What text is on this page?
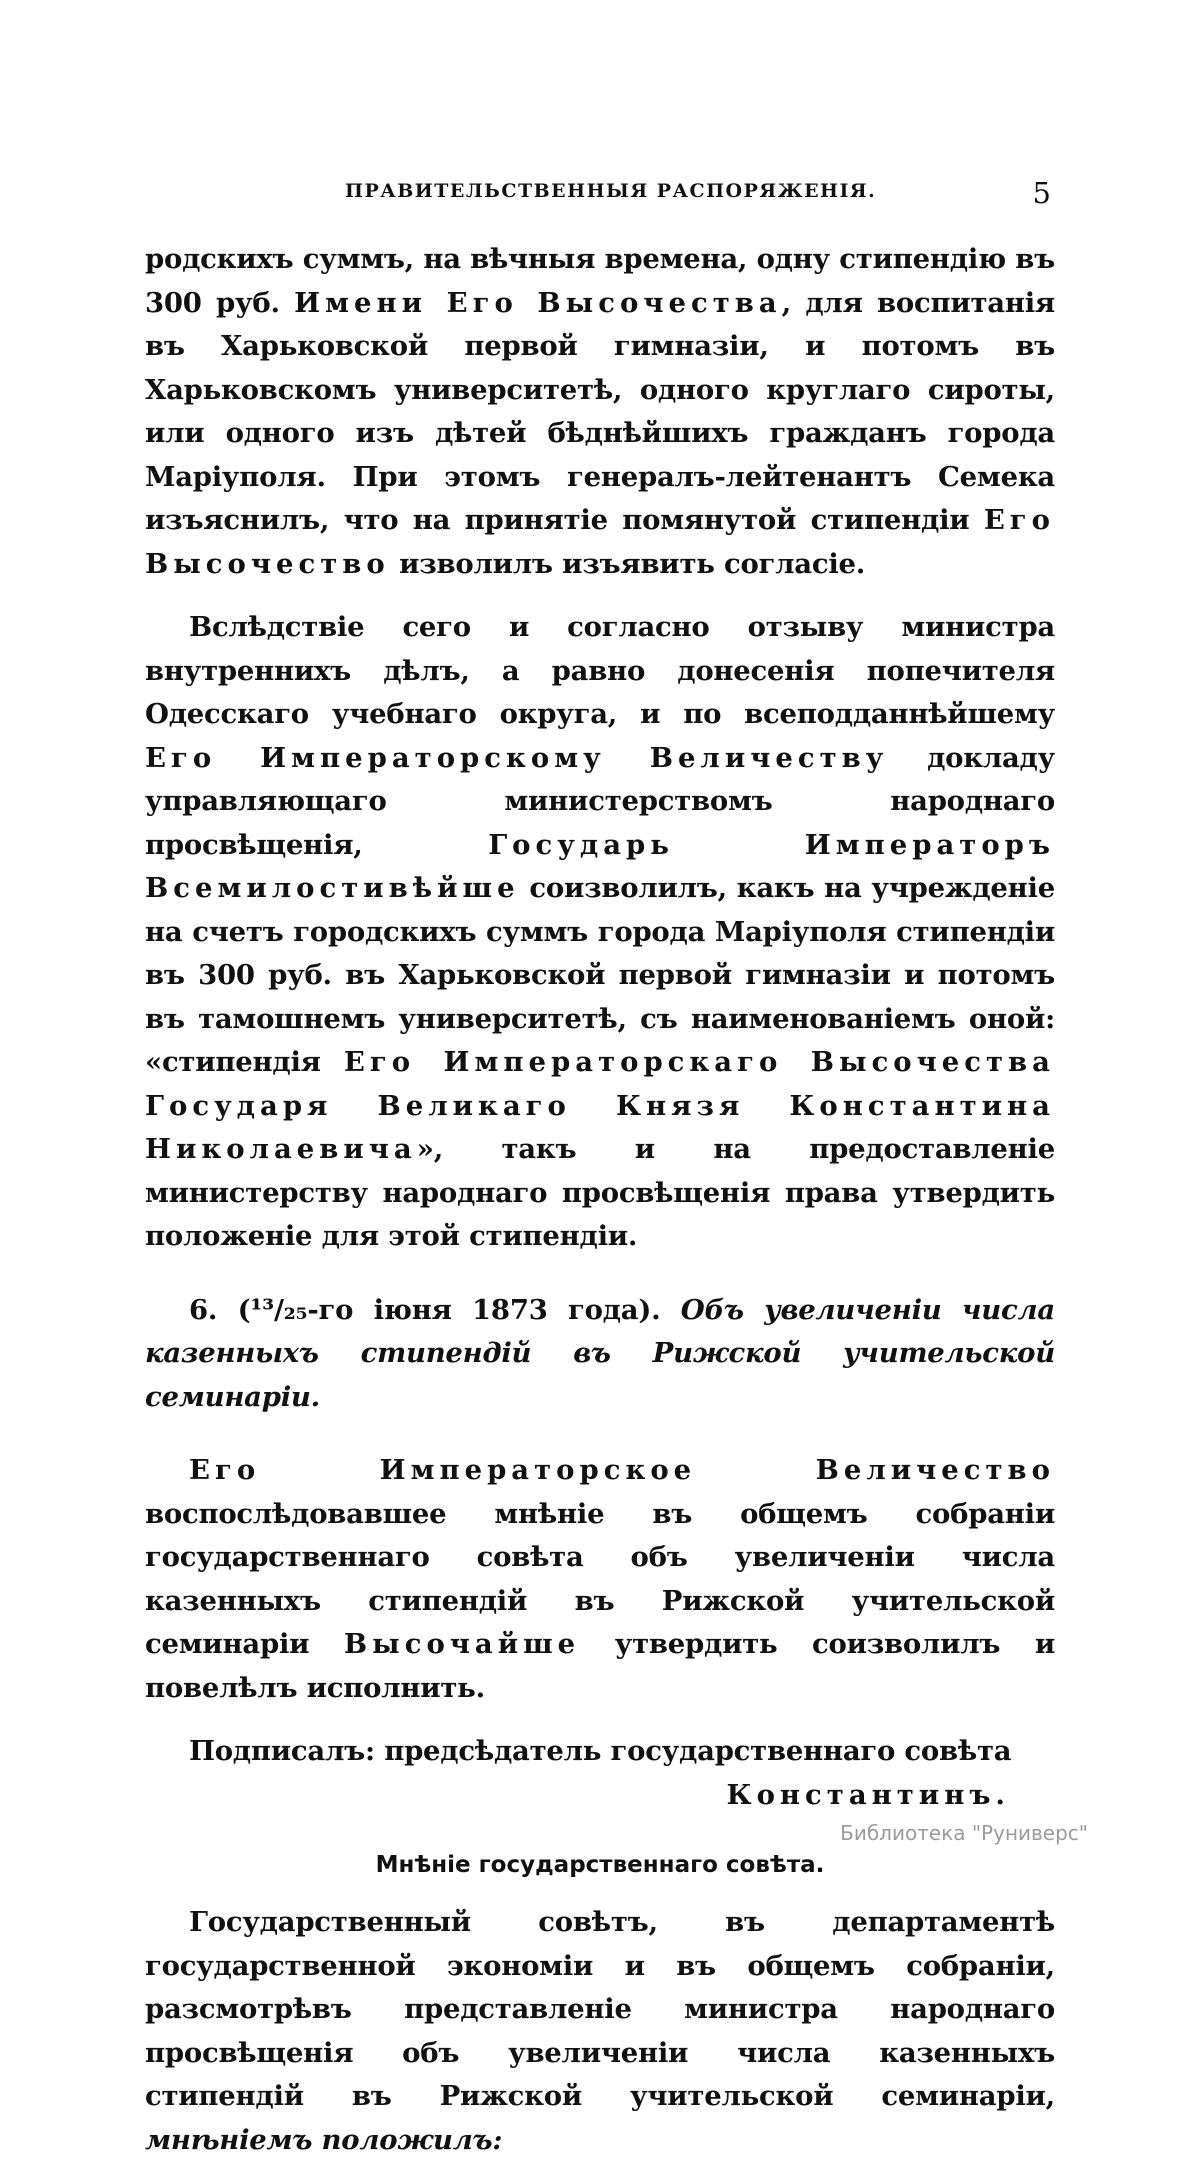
ПРАВИТЕЛЬСТВЕННЫЯ РАСПОРЯЖЕНІЯ.	5

родскихъ суммъ, на вѣчныя времена, одну стипендію въ 300 руб. Имени Его Высочества, для воспитанія въ Харьковской первой гимназіи, и потомъ въ Харьковскомъ университетѣ, одного круглаго сироты, или одного изъ дѣтей бѣднѣйшихъ гражданъ города Маріуполя. При этомъ генералъ-лейтенантъ Семека изъяснилъ, что на принятіе помянутой стипендіи Его Высочество изволилъ изъявить согласіе.

Вслѣдствіе сего и согласно отзыву министра внутреннихъ дѣлъ, а равно донесенія попечителя Одесскаго учебнаго округа, и по всеподданнѣйшему Его Императорскому Величеству докладу управляющаго министерствомъ народнаго просвѣщенія, Государь Императоръ Всемилостивѣйше соизволилъ, какъ на учрежденіе на счетъ городскихъ суммъ города Маріуполя стипендіи въ 300 руб. въ Харьковской первой гимназіи и потомъ въ тамошнемъ университетѣ, съ наименованіемъ оной: «стипендія Его Императорскаго Высочества Государя Великаго Князя Константина Николаевича», такъ и на предоставленіе министерству народнаго просвѣщенія права утвердить положеніе для этой стипендіи.

6. (¹³/₂₅-го іюня 1873 года). Объ увеличеніи числа казенныхъ стипендій въ Рижской учительской семинаріи.

Его Императорское Величество воспослѣдовавшее мнѣніе въ общемъ собраніи государственнаго совѣта объ увеличеніи числа казенныхъ стипендій въ Рижской учительской семинаріи Высочайше утвердить соизволилъ и повелѣлъ исполнить.

Подписалъ: предсѣдатель государственнаго совѣта

Константинъ.

Мнѣніе государственнаго совѣта.

Государственный совѣтъ, въ департаментѣ государственной экономіи и въ общемъ собраніи, разсмотрѣвъ представленіе министра народнаго просвѣщенія объ увеличеніи числа казенныхъ стипендій въ Рижской учительской семинаріи, мнѣніемъ положилъ:

Библиотека "Руниверс"
